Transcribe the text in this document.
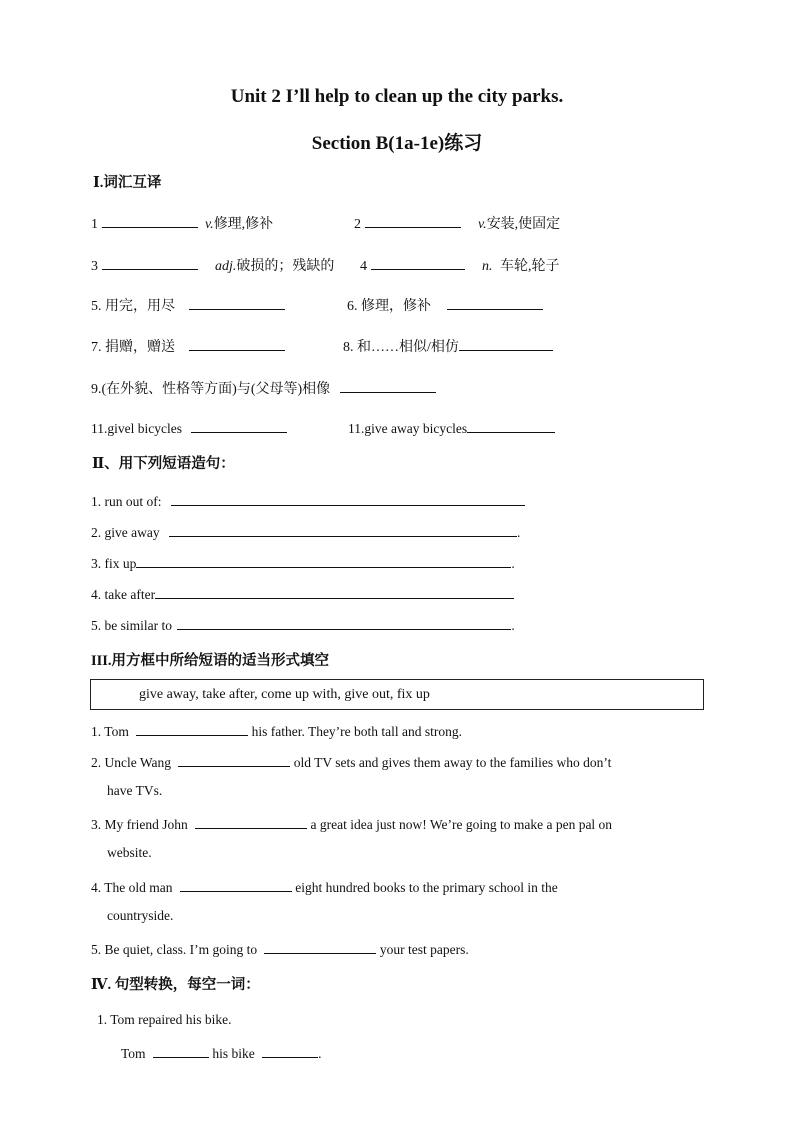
Unit 2 I’ll help to clean up the city parks.
Section B(1a-1e)练习
Ⅰ.词汇互译
1	v.修理,修补	2	v.安装,使固定
3	adj.破损的；残缺的 4	n. 车轮,轮子
5. 用完，用尽	6. 修理，修补
7. 捐赠，赠送	8. 和……相似/相仿
9.(在外貌、性格等方面)与(父母等)相像
11.givel bicycles	11.give away bicycles
Ⅱ、用下列短语造句：
1. run out of:
2. give away	.
3. fix up	.
4. take after
5. be similar to	.
III.用方框中所给短语的适当形式填空
give away, take after, come up with, give out, fix up
1. Tom	his father. They’re both tall and strong.
2. Uncle Wang	old TV sets and gives them away to the families who don’t
have TVs.
3. My friend John	a great idea just now! We’re going to make a pen pal on
website.
4. The old man	eight hundred books to the primary school in the
countryside.
5. Be quiet, class. I’m going to	your test papers.
Ⅳ. 句型转换，每空一词：
1. Tom repaired his bike.
Tom	his bike	.
